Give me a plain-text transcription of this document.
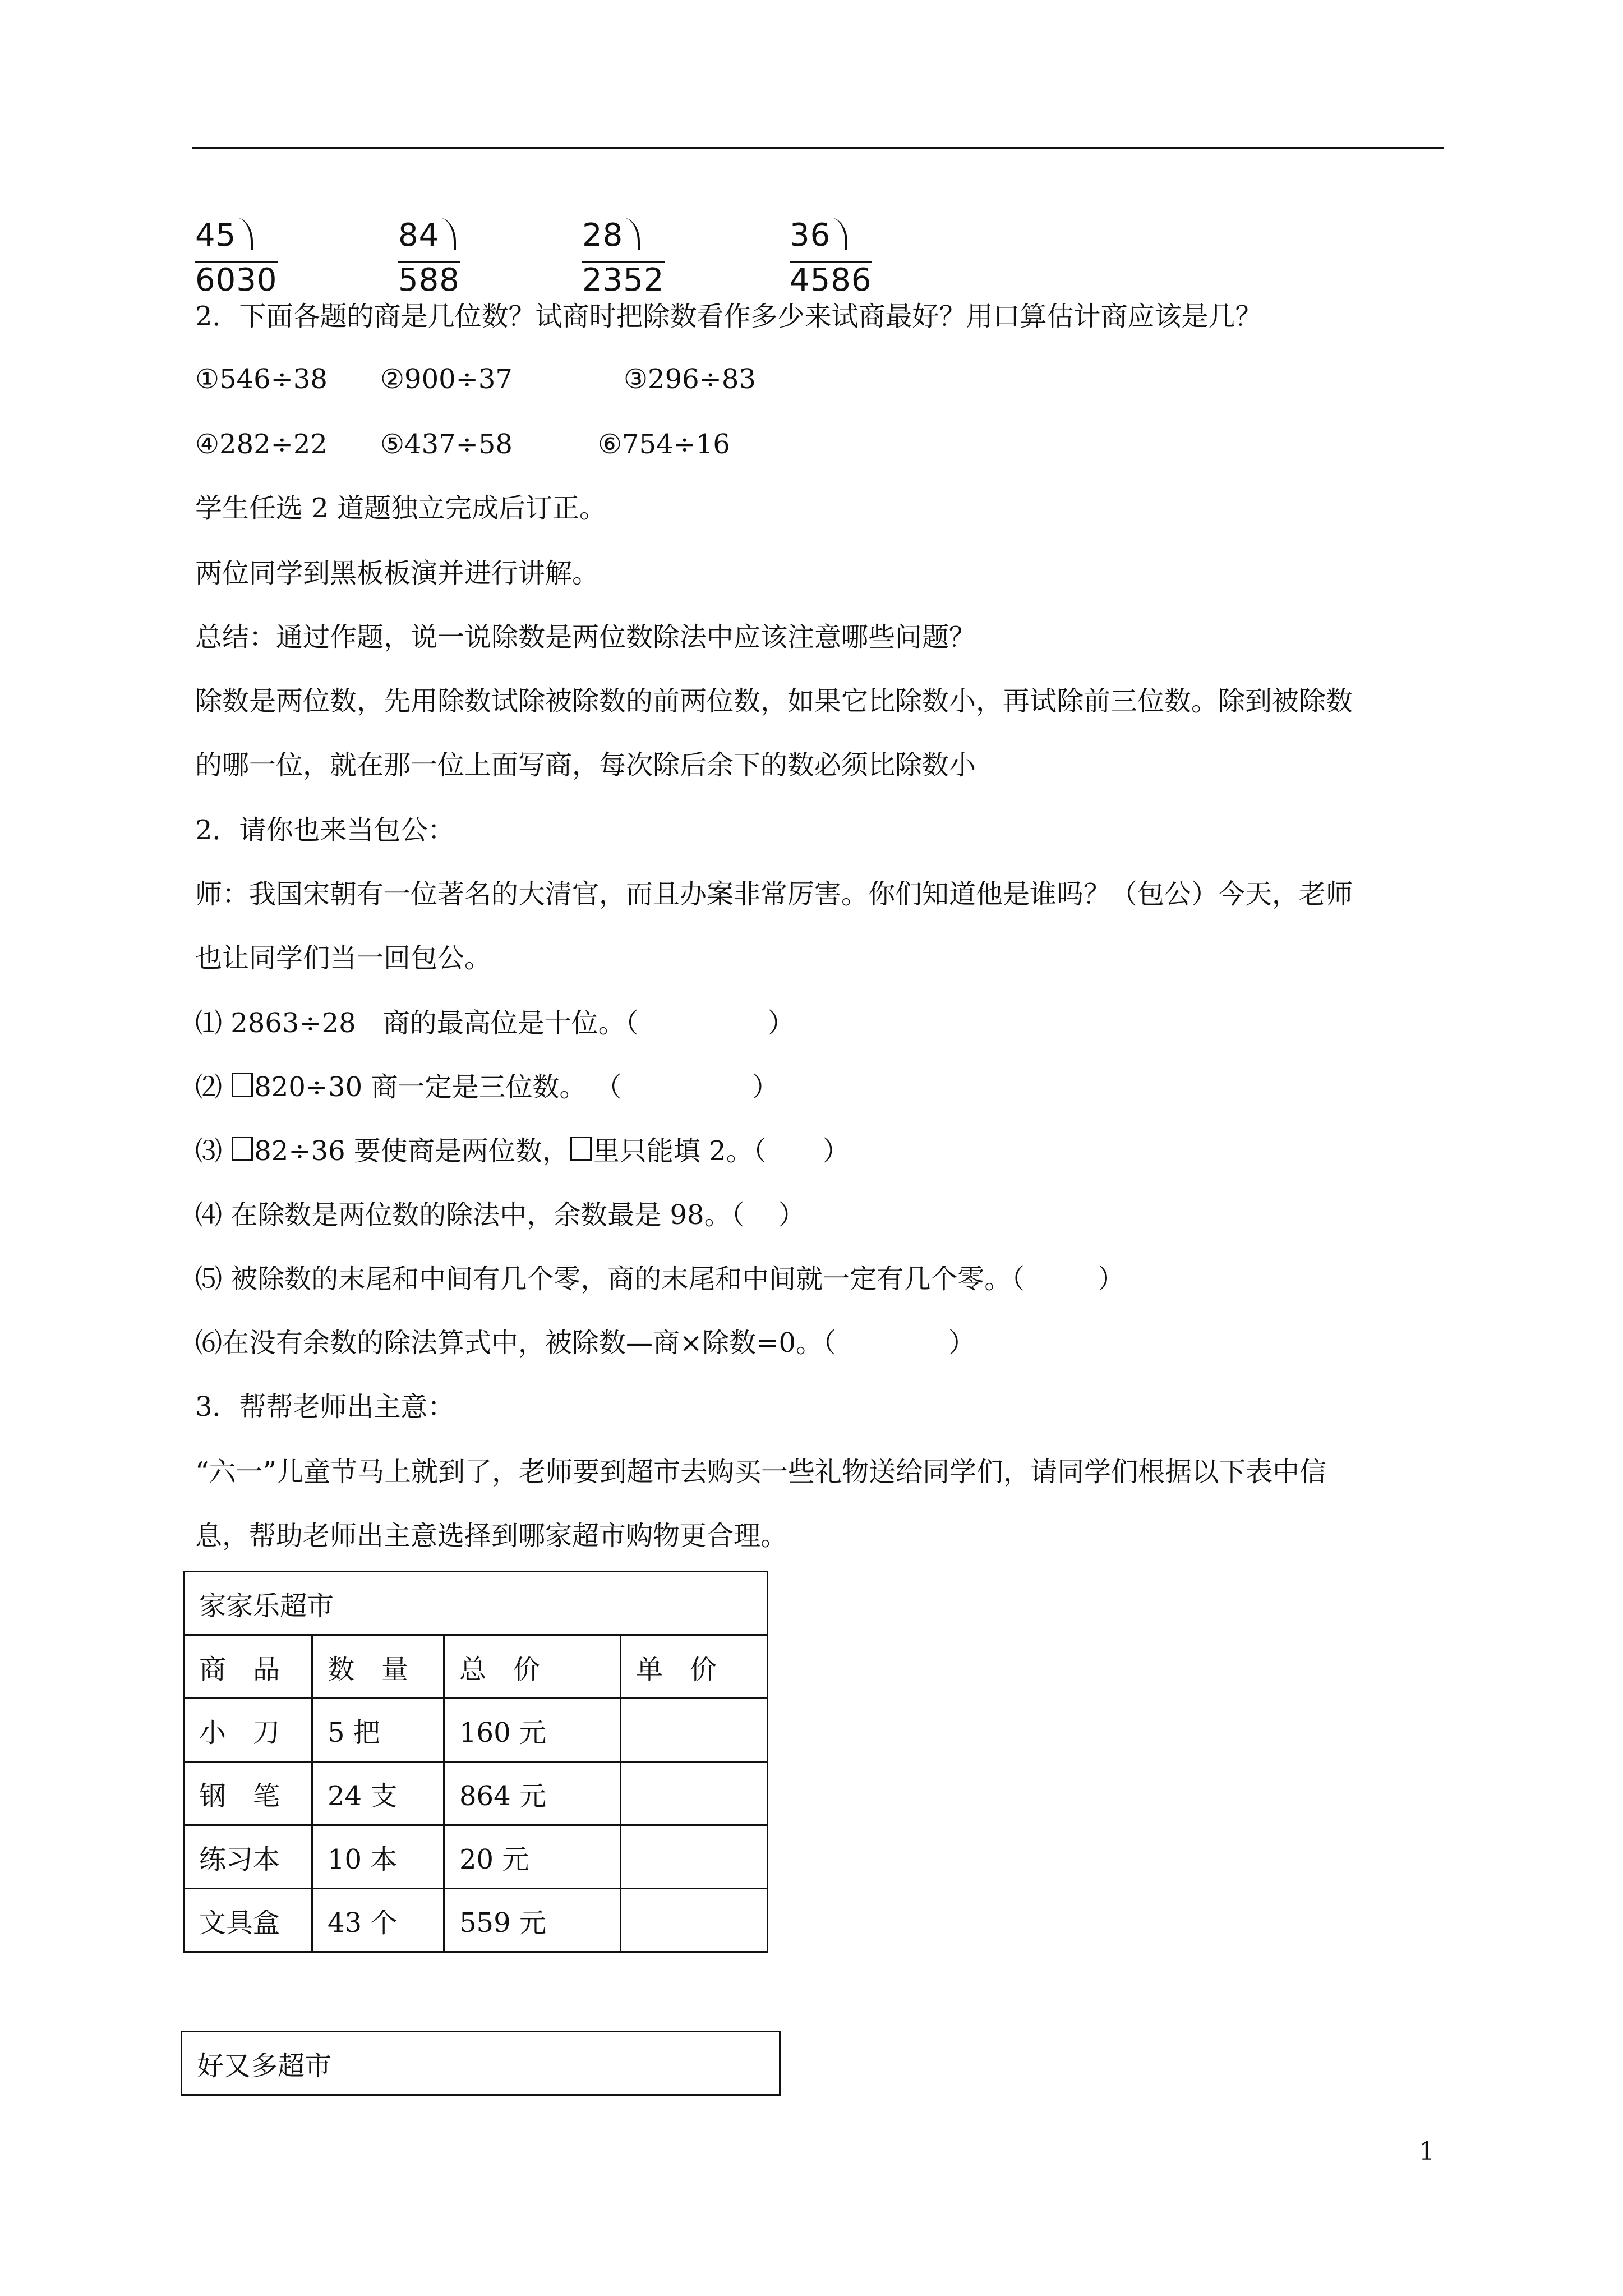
456030
84588
282352
364586
2．下面各题的商是几位数？试商时把除数看作多少来试商最好？用口算估计商应该是几？
①546÷38 ②900÷37	③296÷83
④282÷22 ⑤437÷58	⑥754÷16
学生任选 2 道题独立完成后订正。
两位同学到黑板板演并进行讲解。
总结：通过作题，说一说除数是两位数除法中应该注意哪些问题？
除数是两位数，先用除数试除被除数的前两位数，如果它比除数小，再试除前三位数。除到被除数
的哪一位，就在那一位上面写商，每次除后余下的数必须比除数小
2．请你也来当包公：
师：我国宋朝有一位著名的大清官，而且办案非常厉害。你们知道他是谁吗？（包公）今天，老师
也让同学们当一回包公。
⑴ 2863÷28　商的最高位是十位。（	）
⑵ 820÷30 商一定是三位数。 （	）
⑶ 82÷36 要使商是两位数， 里只能填 2。（ ）
⑷ 在除数是两位数的除法中，余数最是 98。（ ）
⑸ 被除数的末尾和中间有几个零，商的末尾和中间就一定有几个零。（	）
⑹在没有余数的除法算式中，被除数—商×除数=0。（	）
3．帮帮老师出主意：
“六一”儿童节马上就到了，老师要到超市去购买一些礼物送给同学们，请同学们根据以下表中信
息，帮助老师出主意选择到哪家超市购物更合理。
家家乐超市			
商　品	数　量	总　价	单　价
小　刀	5 把	160 元	
钢　笔	24 支	864 元	
练习本	10 本	20 元	
文具盒	43 个	559 元	
好又多超市
1
